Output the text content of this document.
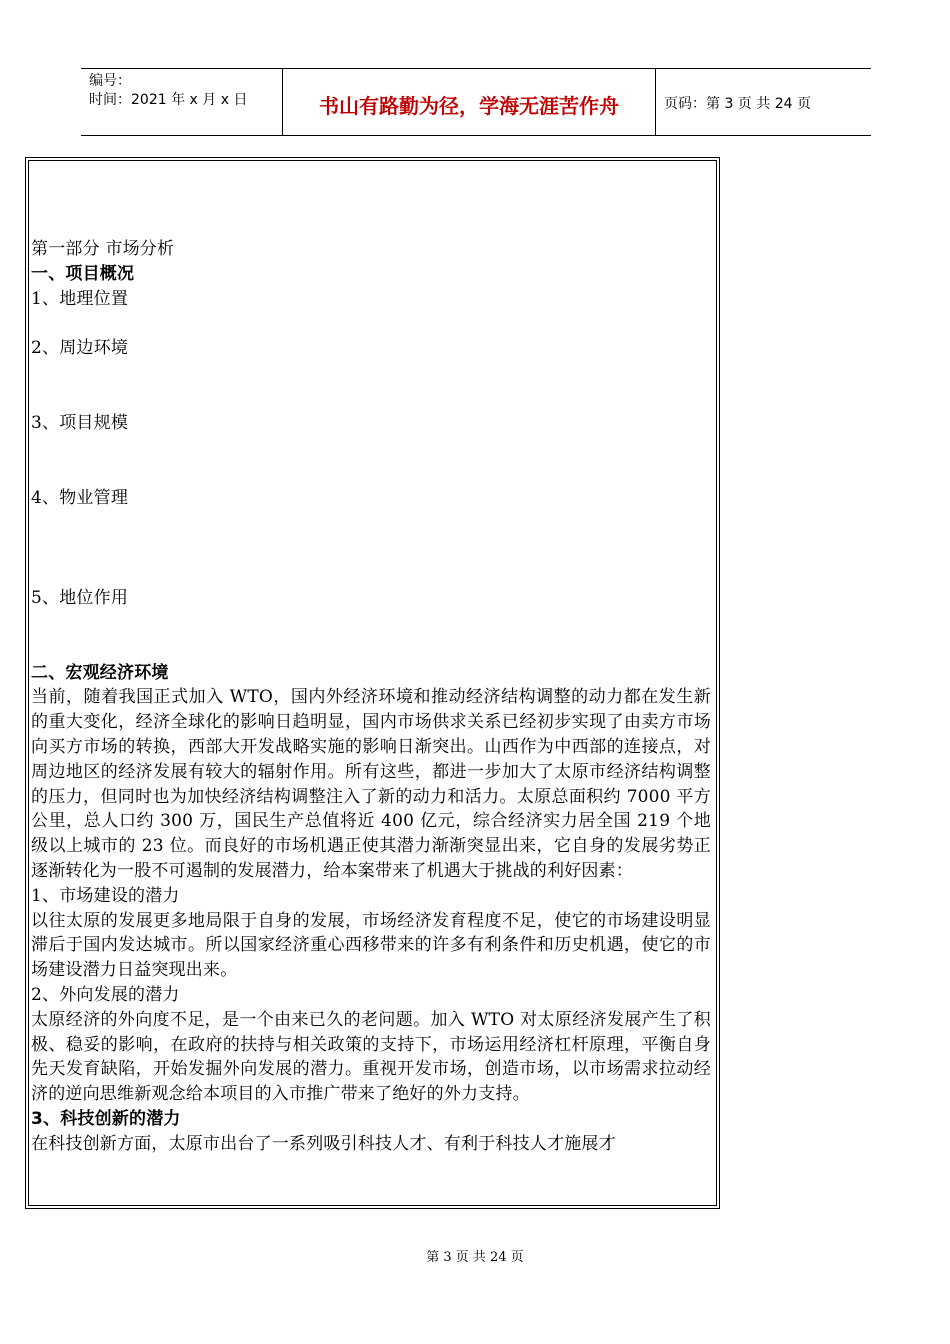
编号：
时间：2021 年 x 月 x 日	书山有路勤为径，学海无涯苦作舟	页码：第 3 页 共 24 页

第一部分 市场分析

一、项目概况

1、地理位置

2、周边环境

3、项目规模

4、物业管理

5、地位作用

二、宏观经济环境

当前，随着我国正式加入 WTO，国内外经济环境和推动经济结构调整的动力都在发生新的重大变化，经济全球化的影响日趋明显，国内市场供求关系已经初步实现了由卖方市场向买方市场的转换，西部大开发战略实施的影响日渐突出。山西作为中西部的连接点，对周边地区的经济发展有较大的辐射作用。所有这些，都进一步加大了太原市经济结构调整的压力，但同时也为加快经济结构调整注入了新的动力和活力。太原总面积约 7000 平方公里，总人口约 300 万，国民生产总值将近 400 亿元，综合经济实力居全国 219 个地级以上城市的 23 位。而良好的市场机遇正使其潜力渐渐突显出来，它自身的发展劣势正逐渐转化为一股不可遏制的发展潜力，给本案带来了机遇大于挑战的利好因素：

1、市场建设的潜力

以往太原的发展更多地局限于自身的发展，市场经济发育程度不足，使它的市场建设明显滞后于国内发达城市。所以国家经济重心西移带来的许多有利条件和历史机遇，使它的市场建设潜力日益突现出来。

2、外向发展的潜力

太原经济的外向度不足，是一个由来已久的老问题。加入 WTO 对太原经济发展产生了积极、稳妥的影响，在政府的扶持与相关政策的支持下，市场运用经济杠杆原理，平衡自身先天发育缺陷，开始发掘外向发展的潜力。重视开发市场，创造市场，以市场需求拉动经济的逆向思维新观念给本项目的入市推广带来了绝好的外力支持。

3、科技创新的潜力

在科技创新方面，太原市出台了一系列吸引科技人才、有利于科技人才施展才

第 3 页 共 24 页
